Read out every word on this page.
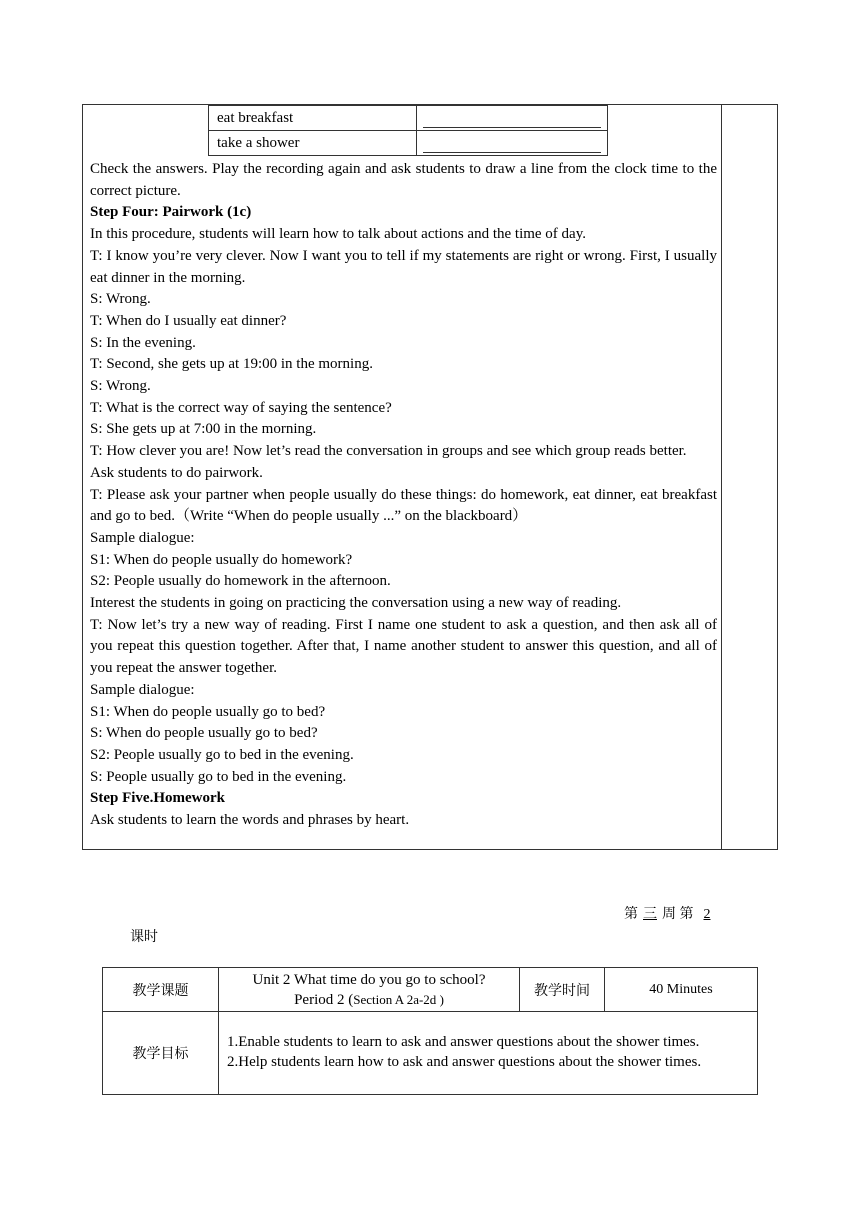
eat breakfast	

take a shower	

Check the answers. Play the recording again and ask students to draw a line from the clock time to the correct picture.

Step Four: Pairwork (1c)

In this procedure, students will learn how to talk about actions and the time of day.

T: I know you’re very clever. Now I want you to tell if my statements are right or wrong. First, I usually eat dinner in the morning.

S: Wrong.

T: When do I usually eat dinner?

S: In the evening.

T: Second, she gets up at 19:00 in the morning.

S: Wrong.

T: What is the correct way of saying the sentence?

S: She gets up at 7:00 in the morning.

T: How clever you are! Now let’s read the conversation in groups and see which group reads better.

Ask students to do pairwork.

T: Please ask your partner when people usually do these things: do homework, eat dinner, eat breakfast and go to bed.（Write “When do people usually ...” on the blackboard）

Sample dialogue:

S1: When do people usually do homework?

S2: People usually do homework in the afternoon.

Interest the students in going on practicing the conversation using a new way of reading.

T: Now let’s try a new way of reading. First I name one student to ask a question, and then ask all of you repeat this question together. After that, I name another student to answer this question, and all of you repeat the answer together.

Sample dialogue:

S1: When do people usually go to bed?

S: When do people usually go to bed?

S2: People usually go to bed in the evening.

S: People usually go to bed in the evening.

Step Five.Homework

Ask students to learn the words and phrases by heart.

第 三 周 第 2
课时
教学课题	Unit 2 What time do you go to school?
Period 2 (Section A 2a-2d )	教学时间	40 Minutes
教学目标	1.Enable students to learn to ask and answer questions about the shower times.

2.Help students learn how to ask and answer questions about the shower times.		
